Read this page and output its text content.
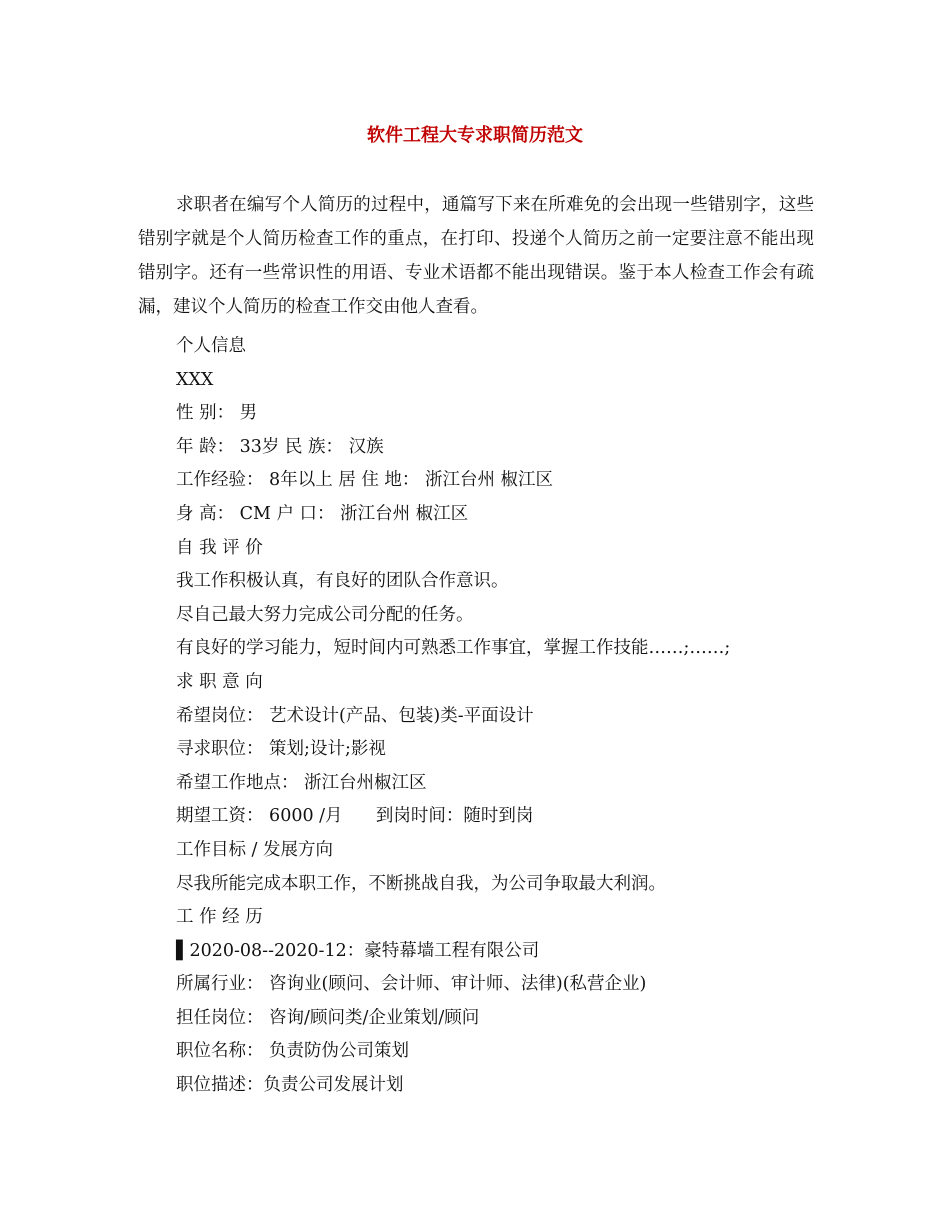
软件工程大专求职简历范文

求职者在编写个人简历的过程中，通篇写下来在所难免的会出现一些错别字，这些错别字就是个人简历检查工作的重点，在打印、投递个人简历之前一定要注意不能出现错别字。还有一些常识性的用语、专业术语都不能出现错误。鉴于本人检查工作会有疏漏，建议个人简历的检查工作交由他人查看。

个人信息
XXX
性 别： 男
年 龄： 33岁 民 族： 汉族
工作经验： 8年以上 居 住 地： 浙江台州 椒江区
身 高： CM 户 口： 浙江台州 椒江区
自 我 评 价
我工作积极认真，有良好的团队合作意识。
尽自己最大努力完成公司分配的任务。
有良好的学习能力，短时间内可熟悉工作事宜，掌握工作技能……;……;
求 职 意 向
希望岗位： 艺术设计(产品、包装)类-平面设计
寻求职位： 策划;设计;影视
希望工作地点： 浙江台州椒江区
期望工资： 6000 /月      到岗时间：随时到岗
工作目标 / 发展方向
尽我所能完成本职工作，不断挑战自我，为公司争取最大利润。
工 作 经 历
▌2020-08--2020-12：豪特幕墙工程有限公司
所属行业： 咨询业(顾问、会计师、审计师、法律)(私营企业)
担任岗位： 咨询/顾问类/企业策划/顾问
职位名称： 负责防伪公司策划
职位描述：负责公司发展计划
